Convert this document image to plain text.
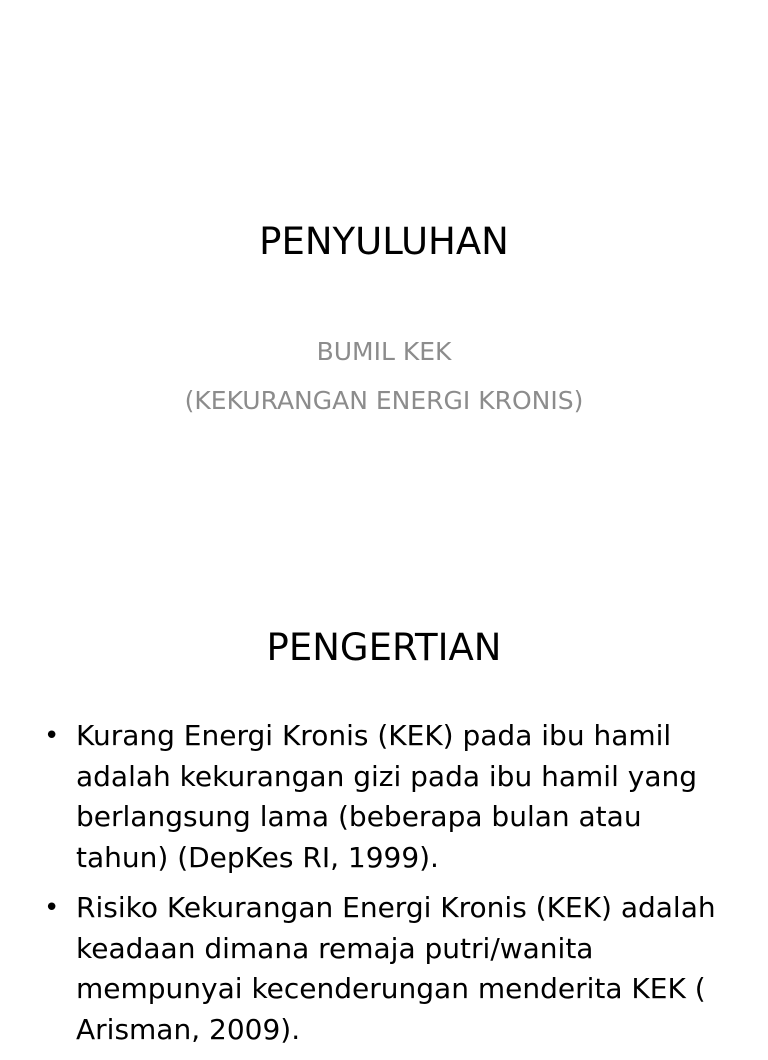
PENYULUHAN
BUMIL KEK
(KEKURANGAN ENERGI KRONIS)
PENGERTIAN
• Kurang Energi Kronis (KEK) pada ibu hamil
adalah kekurangan gizi pada ibu hamil yang
berlangsung lama (beberapa bulan atau
tahun) (DepKes RI, 1999).
• Risiko Kekurangan Energi Kronis (KEK) adalah
keadaan dimana remaja putri/wanita
mempunyai kecenderungan menderita KEK (
Arisman, 2009).
